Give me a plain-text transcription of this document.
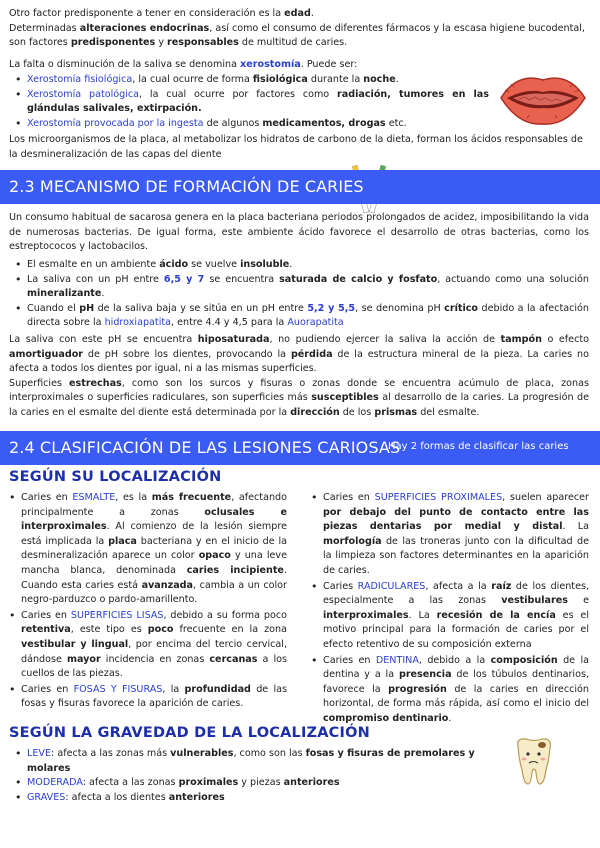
Otro factor predisponente a tener en consideración es la edad.

Determinadas alteraciones endocrinas, así como el consumo de diferentes fármacos y la escasa higiene bucodental, son factores predisponentes y responsables de multitud de caries.

La falta o disminución de la saliva se denomina xerostomía. Puede ser:

• Xerostomía fisiológica, la cual ocurre de forma fisiológica durante la noche.
• Xerostomía patológica, la cual ocurre por factores como radiación, tumores en las glándulas salivales, extirpación.
• Xerostomía provocada por la ingesta de algunos medicamentos, drogas etc.

Los microorganismos de la placa, al metabolizar los hidratos de carbono de la dieta, forman los ácidos responsables de la desmineralización de las capas del diente

2.3 MECANISMO DE FORMACIÓN DE CARIES

Un consumo habitual de sacarosa genera en la placa bacteriana periodos prolongados de acidez, imposibilitando la vida de numerosas bacterias. De igual forma, este ambiente ácido favorece el desarrollo de otras bacterias, como los estreptococos y lactobacilos.

• El esmalte en un ambiente ácido se vuelve insoluble.
• La saliva con un pH entre 6,5 y 7 se encuentra saturada de calcio y fosfato, actuando como una solución mineralizante.
• Cuando el pH de la saliva baja y se sitúa en un pH entre 5,2 y 5,5, se denomina pH crítico debido a la afectación directa sobre la hidroxiapatita, entre 4.4 y 4,5 para la Auorapatita

La saliva con este pH se encuentra hiposaturada, no pudiendo ejercer la saliva la acción de tampón o efecto amortiguador de pH sobre los dientes, provocando la pérdida de la estructura mineral de la pieza. La caries no afecta a todos los dientes por igual, ni a las mismas superficies.

Superficies estrechas, como son los surcos y fisuras o zonas donde se encuentra acúmulo de placa, zonas interproximales o superficies radiculares, son superficies más susceptibles al desarrollo de la caries. La progresión de la caries en el esmalte del diente está determinada por la dirección de los prismas del esmalte.

2.4 CLASIFICACIÓN DE LAS LESIONES CARIOSAS
Hay 2 formas de clasificar las caries
SEGÚN SU LOCALIZACIÓN
• Caries en ESMALTE, es la más frecuente, afectando principalmente a zonas oclusales e interproximales. Al comienzo de la lesión siempre está implicada la placa bacteriana y en el inicio de la desmineralización aparece un color opaco y una leve mancha blanca, denominada caries incipiente. Cuando esta caries está avanzada, cambia a un color negro-parduzco o pardo-amarillento.
• Caries en SUPERFICIES LISAS, debido a su forma poco retentiva, este tipo es poco frecuente en la zona vestibular y lingual, por encima del tercio cervical, dándose mayor incidencia en zonas cercanas a los cuellos de las piezas.
• Caries en FOSAS Y FISURAS, la profundidad de las fosas y fisuras favorece la aparición de caries.
• Caries en SUPERFICIES PROXIMALES, suelen aparecer por debajo del punto de contacto entre las piezas dentarias por medial y distal. La morfología de las troneras junto con la dificultad de la limpieza son factores determinantes en la aparición de caries.
• Caries RADICULARES, afecta a la raíz de los dientes, especialmente a las zonas vestibulares e interproximales. La recesión de la encía es el motivo principal para la formación de caries por el efecto retentivo de su composición externa
• Caries en DENTINA, debido a la composición de la dentina y a la presencia de los túbulos dentinarios, favorece la progresión de la caries en dirección horizontal, de forma más rápida, así como el inicio del compromiso dentinario.
SEGÚN LA GRAVEDAD DE LA LOCALIZACIÓN
• LEVE: afecta a las zonas más vulnerables, como son las fosas y fisuras de premolares y molares
• MODERADA: afecta a las zonas proximales y piezas anteriores
• GRAVES: afecta a los dientes anteriores
